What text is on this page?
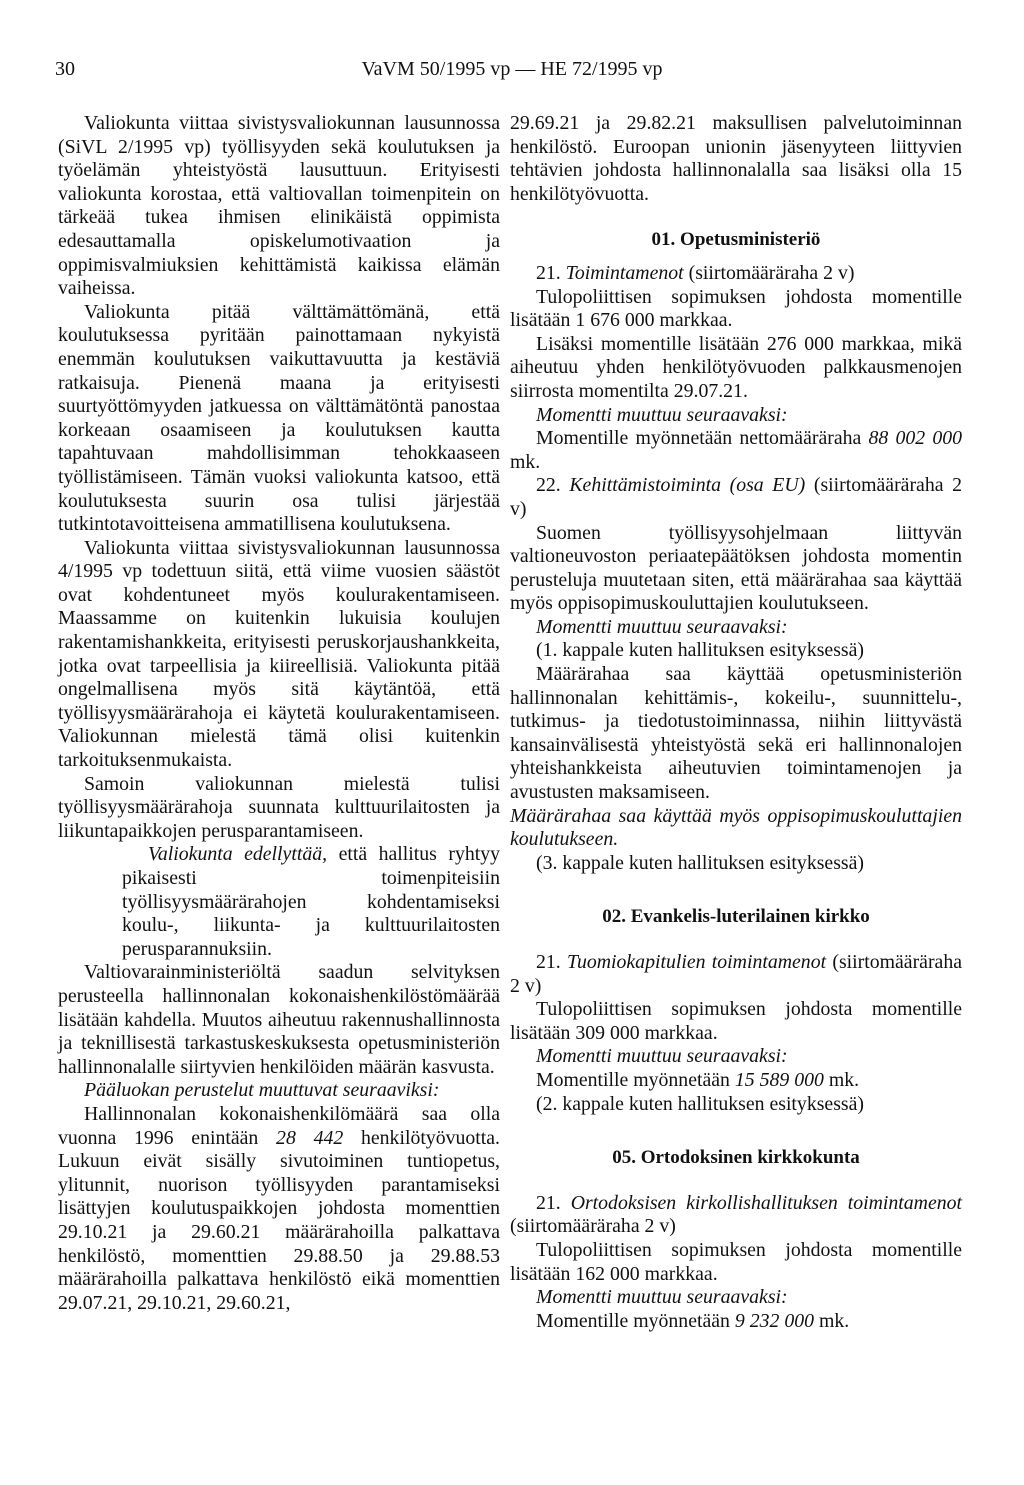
30	VaVM 50/1995 vp — HE 72/1995 vp

Valiokunta viittaa sivistysvaliokunnan lausunnossa (SiVL 2/1995 vp) työllisyyden sekä koulutuksen ja työelämän yhteistyöstä lausuttuun. Erityisesti valiokunta korostaa, että valtiovallan toimenpitein on tärkeää tukea ihmisen elinikäistä oppimista edesauttamalla opiskelumotivaation ja oppimisvalmiuksien kehittämistä kaikissa elämän vaiheissa.

Valiokunta pitää välttämättömänä, että koulutuksessa pyritään painottamaan nykyistä enemmän koulutuksen vaikuttavuutta ja kestäviä ratkaisuja. Pienenä maana ja erityisesti suurtyöttömyyden jatkuessa on välttämätöntä panostaa korkeaan osaamiseen ja koulutuksen kautta tapahtuvaan mahdollisimman tehokkaaseen työllistämiseen. Tämän vuoksi valiokunta katsoo, että koulutuksesta suurin osa tulisi järjestää tutkintotavoitteisena ammatillisena koulutuksena.

Valiokunta viittaa sivistysvaliokunnan lausunnossa 4/1995 vp todettuun siitä, että viime vuosien säästöt ovat kohdentuneet myös koulurakentamiseen. Maassamme on kuitenkin lukuisia koulujen rakentamishankkeita, erityisesti peruskorjaushankkeita, jotka ovat tarpeellisia ja kiireellisiä. Valiokunta pitää ongelmallisena myös sitä käytäntöä, että työllisyysmäärärahoja ei käytetä koulurakentamiseen. Valiokunnan mielestä tämä olisi kuitenkin tarkoituksenmukaista.

Samoin valiokunnan mielestä tulisi työllisyysmäärärahoja suunnata kulttuurilaitosten ja liikuntapaikkojen perusparantamiseen.

Valiokunta edellyttää, että hallitus ryhtyy pikaisesti toimenpiteisiin työllisyysmäärärahojen kohdentamiseksi koulu-, liikunta- ja kulttuurilaitosten perusparannuksiin.

Valtiovarainministeriöltä saadun selvityksen perusteella hallinnonalan kokonaishenkilöstömäärää lisätään kahdella. Muutos aiheutuu rakennushallinnosta ja teknillisestä tarkastuskeskuksesta opetusministeriön hallinnonalalle siirtyvien henkilöiden määrän kasvusta.

Pääluokan perustelut muuttuvat seuraaviksi:

Hallinnonalan kokonaishenkilömäärä saa olla vuonna 1996 enintään 28 442 henkilötyövuotta. Lukuun eivät sisälly sivutoiminen tuntiopetus, ylitunnit, nuorison työllisyyden parantamiseksi lisättyjen koulutuspaikkojen johdosta momenttien 29.10.21 ja 29.60.21 määrärahoilla palkattava henkilöstö, momenttien 29.88.50 ja 29.88.53 määrärahoilla palkattava henkilöstö eikä momenttien 29.07.21, 29.10.21, 29.60.21,

29.69.21 ja 29.82.21 maksullisen palvelutoiminnan henkilöstö. Euroopan unionin jäsenyyteen liittyvien tehtävien johdosta hallinnonalalla saa lisäksi olla 15 henkilötyövuotta.

01. Opetusministeriö

21. Toimintamenot (siirtomääräraha 2 v)

Tulopoliittisen sopimuksen johdosta momentille lisätään 1 676 000 markkaa.

Lisäksi momentille lisätään 276 000 markkaa, mikä aiheutuu yhden henkilötyövuoden palkkausmenojen siirrosta momentilta 29.07.21.

Momentti muuttuu seuraavaksi:

Momentille myönnetään nettomääräraha 88 002 000 mk.

22. Kehittämistoiminta (osa EU) (siirtomääräraha 2 v)

Suomen työllisyysohjelmaan liittyvän valtioneuvoston periaatepäätöksen johdosta momentin perusteluja muutetaan siten, että määrärahaa saa käyttää myös oppisopimuskouluttajien koulutukseen.

Momentti muuttuu seuraavaksi:

(1. kappale kuten hallituksen esityksessä)

Määrärahaa saa käyttää opetusministeriön hallinnonalan kehittämis-, kokeilu-, suunnittelu-, tutkimus- ja tiedotustoiminnassa, niihin liittyvästä kansainvälisestä yhteistyöstä sekä eri hallinnonalojen yhteishankkeista aiheutuvien toimintamenojen ja avustusten maksamiseen.

Määrärahaa saa käyttää myös oppisopimuskouluttajien koulutukseen.

(3. kappale kuten hallituksen esityksessä)

02. Evankelis-luterilainen kirkko

21. Tuomiokapitulien toimintamenot (siirtomääräraha 2 v)

Tulopoliittisen sopimuksen johdosta momentille lisätään 309 000 markkaa.

Momentti muuttuu seuraavaksi:

Momentille myönnetään 15 589 000 mk.

(2. kappale kuten hallituksen esityksessä)

05. Ortodoksinen kirkkokunta

21. Ortodoksisen kirkollishallituksen toimintamenot (siirtomääräraha 2 v)

Tulopoliittisen sopimuksen johdosta momentille lisätään 162 000 markkaa.

Momentti muuttuu seuraavaksi:

Momentille myönnetään 9 232 000 mk.
